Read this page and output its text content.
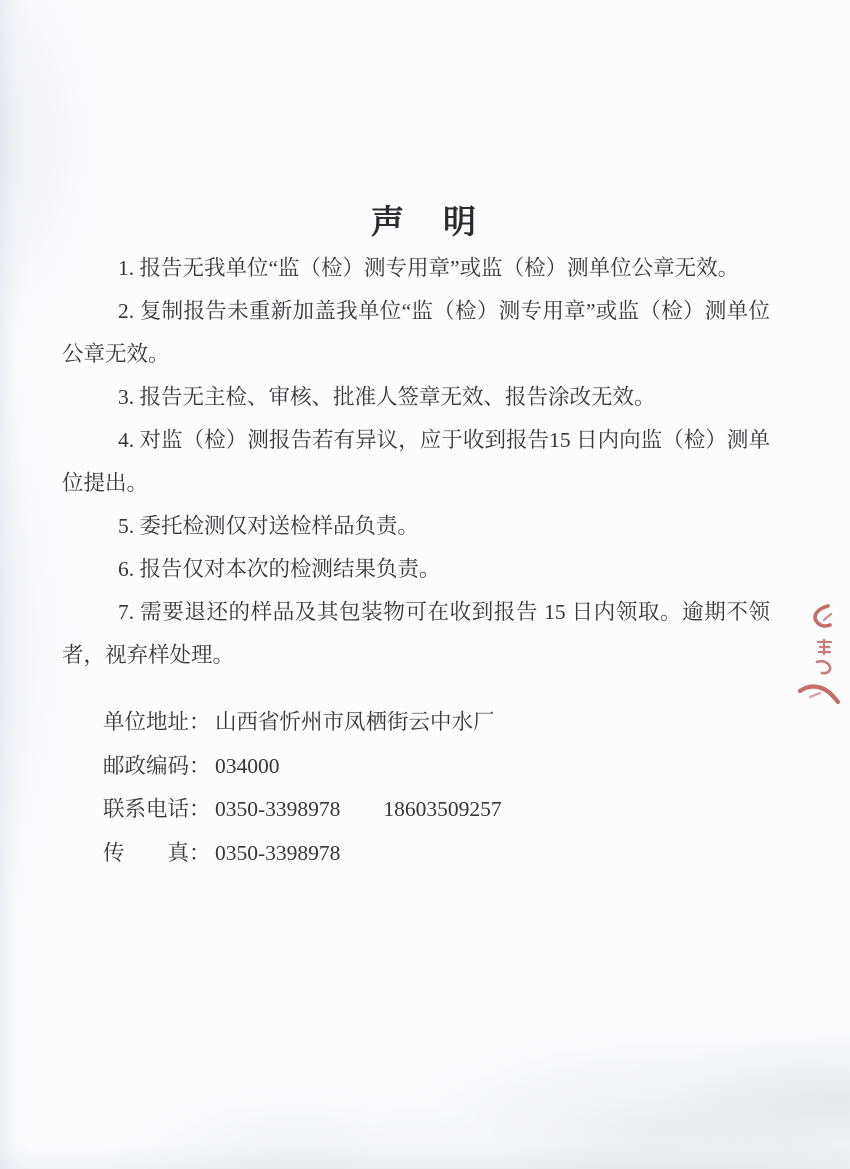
声　明

1. 报告无我单位“监（检）测专用章”或监（检）测单位公章无效。

2. 复制报告未重新加盖我单位“监（检）测专用章”或监（检）测单位公章无效。

3. 报告无主检、审核、批准人签章无效、报告涂改无效。

4. 对监（检）测报告若有异议，应于收到报告15 日内向监（检）测单位提出。

5. 委托检测仅对送检样品负责。

6. 报告仅对本次的检测结果负责。

7. 需要退还的样品及其包装物可在收到报告 15 日内领取。逾期不领者，视弃样处理。

单位地址： 山西省忻州市凤栖街云中水厂
邮政编码： 034000
联系电话： 0350-3398978　　18603509257
传　　真： 0350-3398978
